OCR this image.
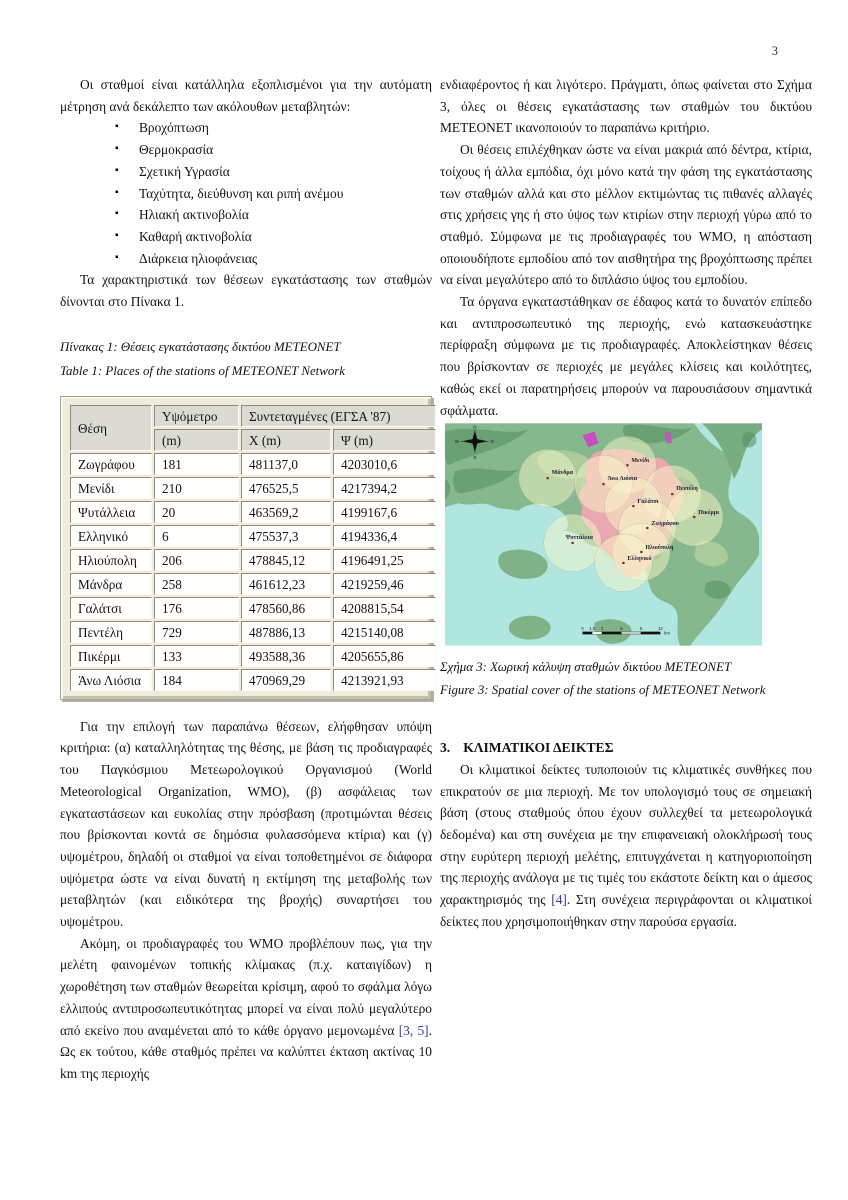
3

Οι σταθμοί είναι κατάλληλα εξοπλισμένοι για την αυτόματη μέτρηση ανά δεκάλεπτο των ακόλουθων μεταβλητών:

▪ Βροχόπτωση
▪ Θερμοκρασία
▪ Σχετική Υγρασία
▪ Ταχύτητα, διεύθυνση και ριπή ανέμου
▪ Ηλιακή ακτινοβολία
▪ Καθαρή ακτινοβολία
▪ Διάρκεια ηλιοφάνειας

Τα χαρακτηριστικά των θέσεων εγκατάστασης των σταθμών δίνονται στο Πίνακα 1.

Πίνακας 1: Θέσεις εγκατάστασης δικτύου METEONET
Table 1: Places of the stations of METEONET Network
Θέση	Υψόμετρο	Συντεταγμένες (ΕΓΣΑ '87)	
	(m)	X (m)	Ψ (m)
Ζωγράφου	181	481137,0	4203010,6
Μενίδι	210	476525,5	4217394,2
Ψυτάλλεια	20	463569,2	4199167,6
Ελληνικό	6	475537,3	4194336,4
Ηλιούπολη	206	478845,12	4196491,25
Μάνδρα	258	461612,23	4219259,46
Γαλάτσι	176	478560,86	4208815,54
Πεντέλη	729	487886,13	4215140,08
Πικέρμι	133	493588,36	4205655,86
Άνω Λιόσια	184	470969,29	4213921,93

Για την επιλογή των παραπάνω θέσεων, ελήφθησαν υπόψη κριτήρια: (α) καταλληλότητας της θέσης, με βάση τις προδιαγραφές του Παγκόσμιου Μετεωρολογικού Οργανισμού (World Meteorological Organization, WMO), (β) ασφάλειας των εγκαταστάσεων και ευκολίας στην πρόσβαση (προτιμώνται θέσεις που βρίσκονται κοντά σε δημόσια φυλασσόμενα κτίρια) και (γ) υψομέτρου, δηλαδή οι σταθμοί να είναι τοποθετημένοι σε διάφορα υψόμετρα ώστε να είναι δυνατή η εκτίμηση της μεταβολής των μεταβλητών (και ειδικότερα της βροχής) συναρτήσει του υψομέτρου.

Ακόμη, οι προδιαγραφές του WMO προβλέπουν πως, για την μελέτη φαινομένων τοπικής κλίμακας (π.χ. καταιγίδων) η χωροθέτηση των σταθμών θεωρείται κρίσιμη, αφού το σφάλμα λόγω ελλιπούς αντιπροσωπευτικότητας μπορεί να είναι πολύ μεγαλύτερο από εκείνο που αναμένεται από το κάθε όργανο μεμονωμένα [3, 5]. Ως εκ τούτου, κάθε σταθμός πρέπει να καλύπτει έκταση ακτίνας 10 km της περιοχής

ενδιαφέροντος ή και λιγότερο. Πράγματι, όπως φαίνεται στο Σχήμα 3, όλες οι θέσεις εγκατάστασης των σταθμών του δικτύου METEONET ικανοποιούν το παραπάνω κριτήριο.

Οι θέσεις επιλέχθηκαν ώστε να είναι μακριά από δέντρα, κτίρια, τοίχους ή άλλα εμπόδια, όχι μόνο κατά την φάση της εγκατάστασης των σταθμών αλλά και στο μέλλον εκτιμώντας τις πιθανές αλλαγές στις χρήσεις γης ή στο ύψος των κτιρίων στην περιοχή γύρω από το σταθμό. Σύμφωνα με τις προδιαγραφές του WMO, η απόσταση οποιουδήποτε εμποδίου από τον αισθητήρα της βροχόπτωσης πρέπει να είναι μεγαλύτερο από το διπλάσιο ύψος του εμποδίου.

Τα όργανα εγκαταστάθηκαν σε έδαφος κατά το δυνατόν επίπεδο και αντιπροσωπευτικό της περιοχής, ενώ κατασκευάστηκε περίφραξη σύμφωνα με τις προδιαγραφές. Αποκλείστηκαν θέσεις που βρίσκονταν σε περιοχές με μεγάλες κλίσεις και κοιλότητες, καθώς εκεί οι παρατηρήσεις μπορούν να παρουσιάσουν σημαντικά σφάλματα.

Μενίδι
Μάνδρα
Άνω Λιόσια
Πεντέλη
Γαλάτσι
Πικέρμι
Ζωγράφου
Ψυττάλεια
Ηλιούπολη
Ελληνικό
N
S
W	E
0 1.5 3	6	9	12
km
Σχήμα 3: Χωρική κάλυψη σταθμών δικτύου METEONET
Figure 3: Spatial cover of the stations of METEONET Network
3. ΚΛΙΜΑΤΙΚΟΙ ΔΕΙΚΤΕΣ

Οι κλιματικοί δείκτες τυποποιούν τις κλιματικές συνθήκες που επικρατούν σε μια περιοχή. Με τον υπολογισμό τους σε σημειακή βάση (στους σταθμούς όπου έχουν συλλεχθεί τα μετεωρολογικά δεδομένα) και στη συνέχεια με την επιφανειακή ολοκλήρωσή τους στην ευρύτερη περιοχή μελέτης, επιτυγχάνεται η κατηγοριοποίηση της περιοχής ανάλογα με τις τιμές του εκάστοτε δείκτη και ο άμεσος χαρακτηρισμός της [4]. Στη συνέχεια περιγράφονται οι κλιματικοί δείκτες που χρησιμοποιήθηκαν στην παρούσα εργασία.
